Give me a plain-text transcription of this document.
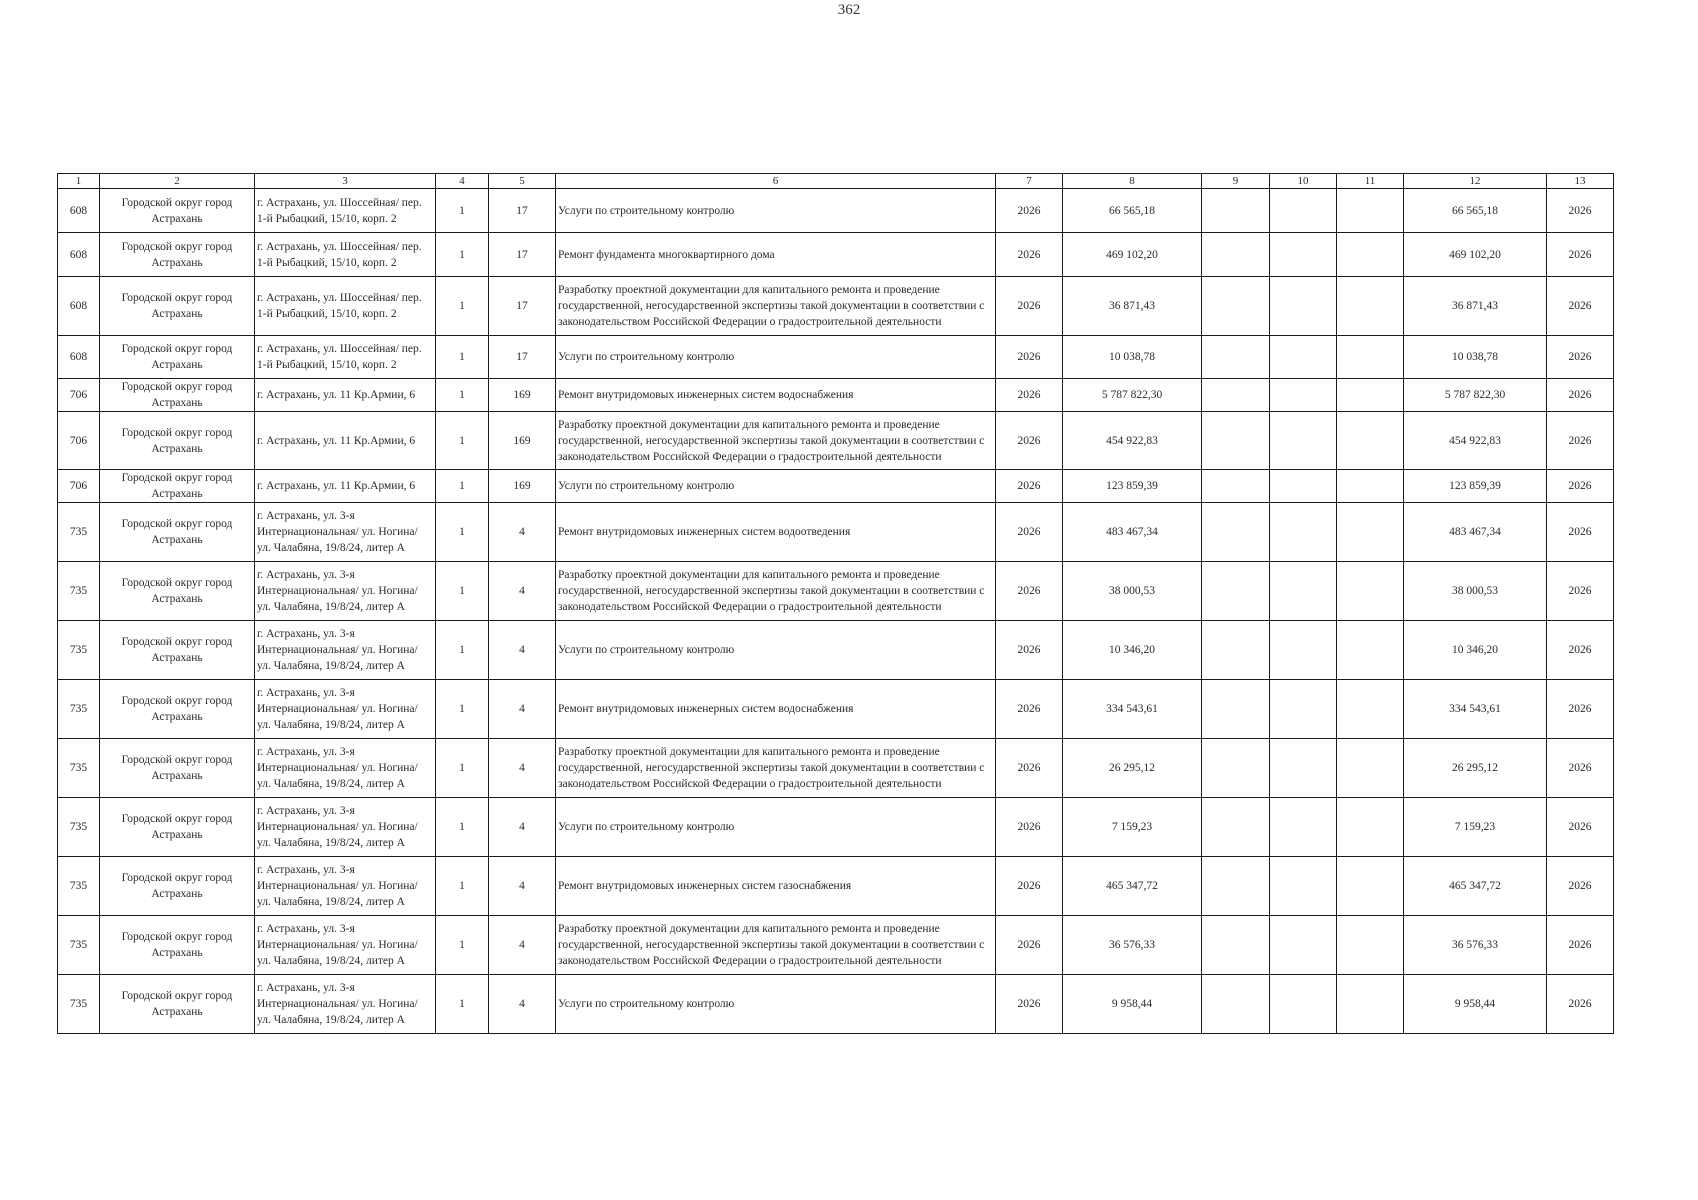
362
1	2	3	4	5	6	7	8	9	10	11	12	13
608	Городской округ город Астрахань	г. Астрахань, ул. Шоссейная/ пер. 1-й Рыбацкий, 15/10, корп. 2	1	17	Услуги по строительному контролю	2026	66 565,18				66 565,18	2026
608	Городской округ город Астрахань	г. Астрахань, ул. Шоссейная/ пер. 1-й Рыбацкий, 15/10, корп. 2	1	17	Ремонт фундамента многоквартирного дома	2026	469 102,20				469 102,20	2026
608	Городской округ город Астрахань	г. Астрахань, ул. Шоссейная/ пер. 1-й Рыбацкий, 15/10, корп. 2	1	17	Разработку проектной документации для капитального ремонта и проведение государственной, негосударственной экспертизы такой документации в соответствии с законодательством Российской Федерации о градостроительной деятельности	2026	36 871,43				36 871,43	2026
608	Городской округ город Астрахань	г. Астрахань, ул. Шоссейная/ пер. 1-й Рыбацкий, 15/10, корп. 2	1	17	Услуги по строительному контролю	2026	10 038,78				10 038,78	2026
706	Городской округ город Астрахань	г. Астрахань, ул. 11 Кр.Армии, 6	1	169	Ремонт внутридомовых инженерных систем водоснабжения	2026	5 787 822,30				5 787 822,30	2026
706	Городской округ город Астрахань	г. Астрахань, ул. 11 Кр.Армии, 6	1	169	Разработку проектной документации для капитального ремонта и проведение государственной, негосударственной экспертизы такой документации в соответствии с законодательством Российской Федерации о градостроительной деятельности	2026	454 922,83				454 922,83	2026
706	Городской округ город Астрахань	г. Астрахань, ул. 11 Кр.Армии, 6	1	169	Услуги по строительному контролю	2026	123 859,39				123 859,39	2026
735	Городской округ город Астрахань	г. Астрахань, ул. 3-я Интернациональная/ ул. Ногина/ ул. Чалабяна, 19/8/24, литер А	1	4	Ремонт внутридомовых инженерных систем водоотведения	2026	483 467,34				483 467,34	2026
735	Городской округ город Астрахань	г. Астрахань, ул. 3-я Интернациональная/ ул. Ногина/ ул. Чалабяна, 19/8/24, литер А	1	4	Разработку проектной документации для капитального ремонта и проведение государственной, негосударственной экспертизы такой документации в соответствии с законодательством Российской Федерации о градостроительной деятельности	2026	38 000,53				38 000,53	2026
735	Городской округ город Астрахань	г. Астрахань, ул. 3-я Интернациональная/ ул. Ногина/ ул. Чалабяна, 19/8/24, литер А	1	4	Услуги по строительному контролю	2026	10 346,20				10 346,20	2026
735	Городской округ город Астрахань	г. Астрахань, ул. 3-я Интернациональная/ ул. Ногина/ ул. Чалабяна, 19/8/24, литер А	1	4	Ремонт внутридомовых инженерных систем водоснабжения	2026	334 543,61				334 543,61	2026
735	Городской округ город Астрахань	г. Астрахань, ул. 3-я Интернациональная/ ул. Ногина/ ул. Чалабяна, 19/8/24, литер А	1	4	Разработку проектной документации для капитального ремонта и проведение государственной, негосударственной экспертизы такой документации в соответствии с законодательством Российской Федерации о градостроительной деятельности	2026	26 295,12				26 295,12	2026
735	Городской округ город Астрахань	г. Астрахань, ул. 3-я Интернациональная/ ул. Ногина/ ул. Чалабяна, 19/8/24, литер А	1	4	Услуги по строительному контролю	2026	7 159,23				7 159,23	2026
735	Городской округ город Астрахань	г. Астрахань, ул. 3-я Интернациональная/ ул. Ногина/ ул. Чалабяна, 19/8/24, литер А	1	4	Ремонт внутридомовых инженерных систем газоснабжения	2026	465 347,72				465 347,72	2026
735	Городской округ город Астрахань	г. Астрахань, ул. 3-я Интернациональная/ ул. Ногина/ ул. Чалабяна, 19/8/24, литер А	1	4	Разработку проектной документации для капитального ремонта и проведение государственной, негосударственной экспертизы такой документации в соответствии с законодательством Российской Федерации о градостроительной деятельности	2026	36 576,33				36 576,33	2026
735	Городской округ город Астрахань	г. Астрахань, ул. 3-я Интернациональная/ ул. Ногина/ ул. Чалабяна, 19/8/24, литер А	1	4	Услуги по строительному контролю	2026	9 958,44				9 958,44	2026
